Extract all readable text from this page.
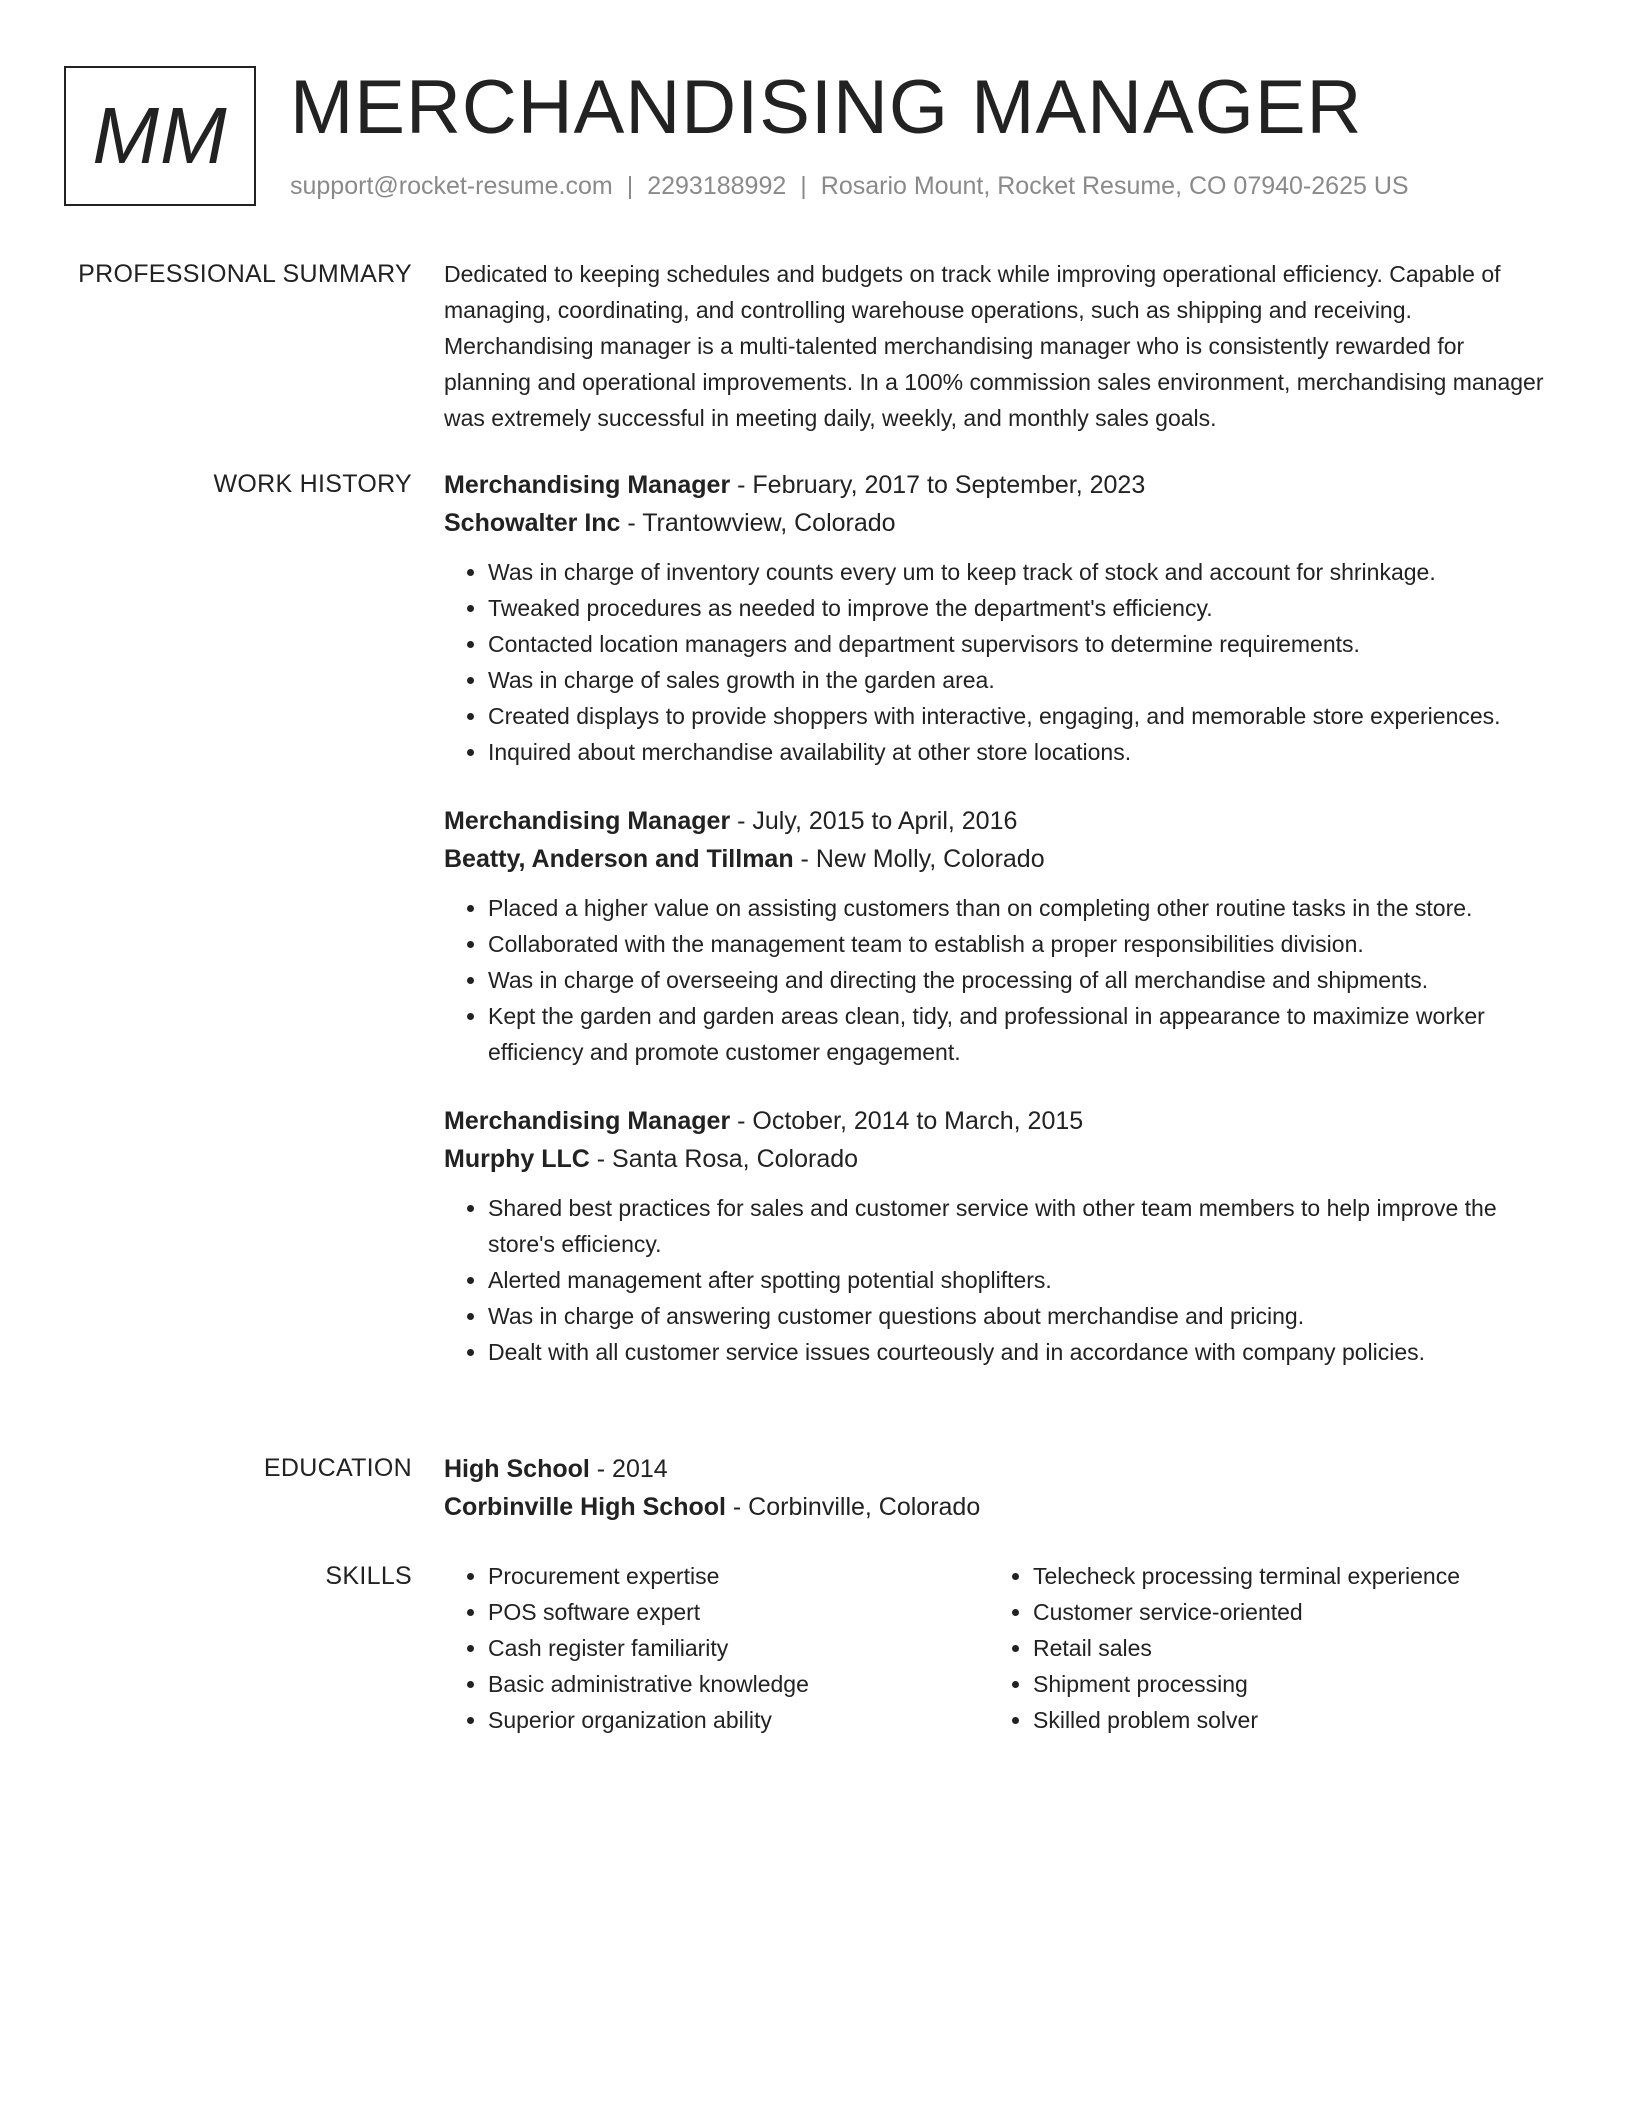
MM MERCHANDISING MANAGER
support@rocket-resume.com | 2293188992 | Rosario Mount, Rocket Resume, CO 07940-2625 US
PROFESSIONAL SUMMARY Dedicated to keeping schedules and budgets on track while improving operational efficiency. Capable of managing, coordinating, and controlling warehouse operations, such as shipping and receiving. Merchandising manager is a multi-talented merchandising manager who is consistently rewarded for planning and operational improvements. In a 100% commission sales environment, merchandising manager was extremely successful in meeting daily, weekly, and monthly sales goals.

WORK HISTORY Merchandising Manager - February, 2017 to September, 2023
Schowalter Inc - Trantowview, Colorado
• Was in charge of inventory counts every um to keep track of stock and account for shrinkage.
• Tweaked procedures as needed to improve the department's efficiency.
• Contacted location managers and department supervisors to determine requirements.
• Was in charge of sales growth in the garden area.
• Created displays to provide shoppers with interactive, engaging, and memorable store experiences.
• Inquired about merchandise availability at other store locations.
Merchandising Manager - July, 2015 to April, 2016
Beatty, Anderson and Tillman - New Molly, Colorado
• Placed a higher value on assisting customers than on completing other routine tasks in the store.
• Collaborated with the management team to establish a proper responsibilities division.
• Was in charge of overseeing and directing the processing of all merchandise and shipments.
• Kept the garden and garden areas clean, tidy, and professional in appearance to maximize worker efficiency and promote customer engagement.
Merchandising Manager - October, 2014 to March, 2015
Murphy LLC - Santa Rosa, Colorado
• Shared best practices for sales and customer service with other team members to help improve the store's efficiency.
• Alerted management after spotting potential shoplifters.
• Was in charge of answering customer questions about merchandise and pricing.
• Dealt with all customer service issues courteously and in accordance with company policies.
EDUCATION High School - 2014
Corbinville High School - Corbinville, Colorado
SKILLS
•	Procurement expertise
• POS software expert
• Cash register familiarity
• Basic administrative knowledge
• Superior organization ability
• Telecheck processing terminal experience
• Customer service-oriented
• Retail sales
• Shipment processing
• Skilled problem solver
